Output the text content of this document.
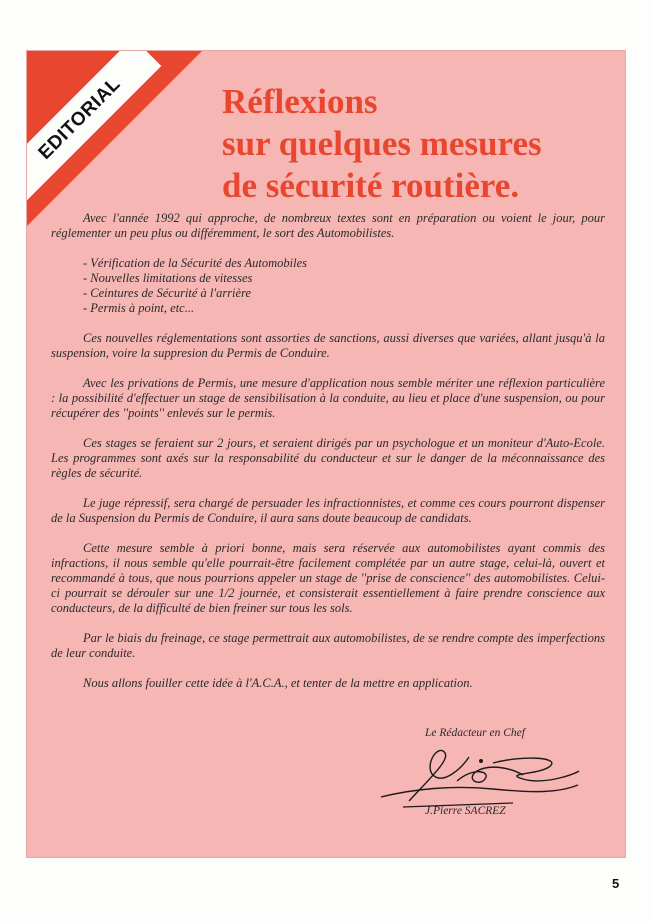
EDITORIAL	Réflexions
sur quelques mesures
de sécurité routière.

Avec l'année 1992 qui approche, de nombreux textes sont en préparation ou voient le jour, pour réglementer un peu plus ou différemment, le sort des Automobilistes.

- Vérification de la Sécurité des Automobiles
- Nouvelles limitations de vitesses
- Ceintures de Sécurité à l'arrière
- Permis à point, etc...

Ces nouvelles réglementations sont assorties de sanctions, aussi diverses que variées, allant jusqu'à la suspension, voire la suppresion du Permis de Conduire.

Avec les privations de Permis, une mesure d'application nous semble mériter une réflexion particulière : la possibilité d'effectuer un stage de sensibilisation à la conduite, au lieu et place d'une suspension, ou pour récupérer des ''points'' enlevés sur le permis.

Ces stages se feraient sur 2 jours, et seraient dirigés par un psychologue et un moniteur d'Auto-Ecole. Les programmes sont axés sur la responsabilité du conducteur et sur le danger de la méconnaissance des règles de sécurité.

Le juge répressif, sera chargé de persuader les infractionnistes, et comme ces cours pourront dispenser de la Suspension du Permis de Conduire, il aura sans doute beaucoup de candidats.

Cette mesure semble à priori bonne, mais sera réservée aux automobilistes ayant commis des infractions, il nous semble qu'elle pourrait-être facilement complétée par un autre stage, celui-là, ouvert et recommandé à tous, que nous pourrions appeler un stage de ''prise de conscience'' des automobilistes. Celui-ci pourrait se dérouler sur une 1/2 journée, et consisterait essentiellement à faire prendre conscience aux conducteurs, de la difficulté de bien freiner sur tous les sols.

Par le biais du freinage, ce stage permettrait aux automobilistes, de se rendre compte des imperfections de leur conduite.

Nous allons fouiller cette idée à l'A.C.A., et tenter de la mettre en application.

Le Rédacteur en Chef
J.Pierre SACREZ
5
